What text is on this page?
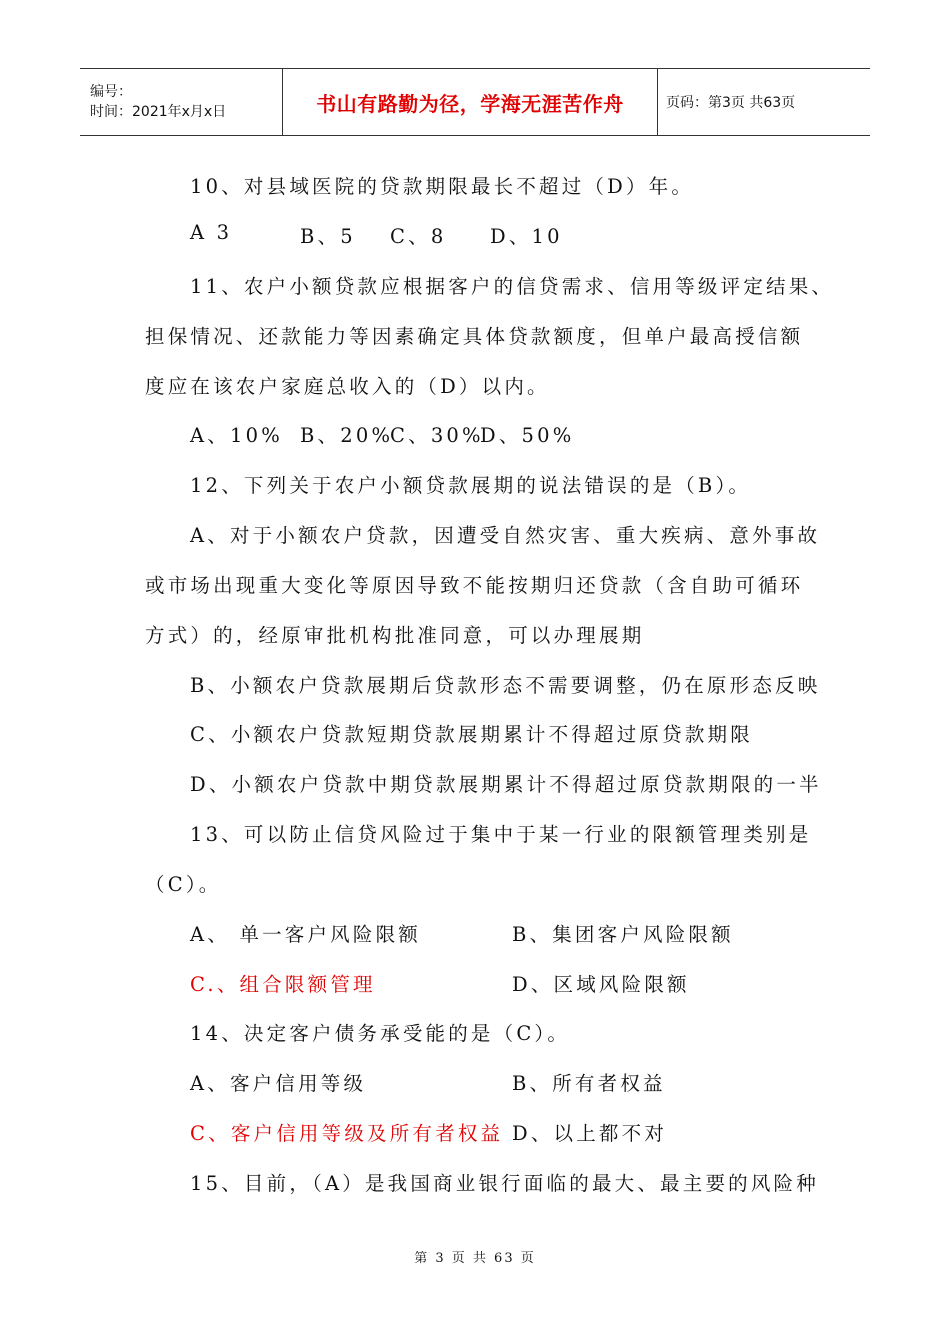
编号：
时间：2021年x月x日	书山有路勤为径，学海无涯苦作舟	页码：第3页 共63页
10、对县域医院的贷款期限最长不超过（D）年。
A 3	B、5 C、8 D、10
11、农户小额贷款应根据客户的信贷需求、信用等级评定结果、
担保情况、还款能力等因素确定具体贷款额度，但单户最高授信额
度应在该农户家庭总收入的（D）以内。
A、10% B、20%
C、30%
D、50%
12、下列关于农户小额贷款展期的说法错误的是（B）。
A、对于小额农户贷款，因遭受自然灾害、重大疾病、意外事故
或市场出现重大变化等原因导致不能按期归还贷款（含自助可循环
方式）的，经原审批机构批准同意，可以办理展期
B、小额农户贷款展期后贷款形态不需要调整，仍在原形态反映
C、小额农户贷款短期贷款展期累计不得超过原贷款期限
D、小额农户贷款中期贷款展期累计不得超过原贷款期限的一半
13、可以防止信贷风险过于集中于某一行业的限额管理类别是
（C）。
A、 单一客户风险限额	B、集团客户风险限额
C.、组合限额管理	D、区域风险限额
14、决定客户债务承受能的是（C）。
A、客户信用等级	B、所有者权益
C、客户信用等级及所有者权益 D、以上都不对
15、目前，（A）是我国商业银行面临的最大、最主要的风险种
第 3 页 共 63 页
